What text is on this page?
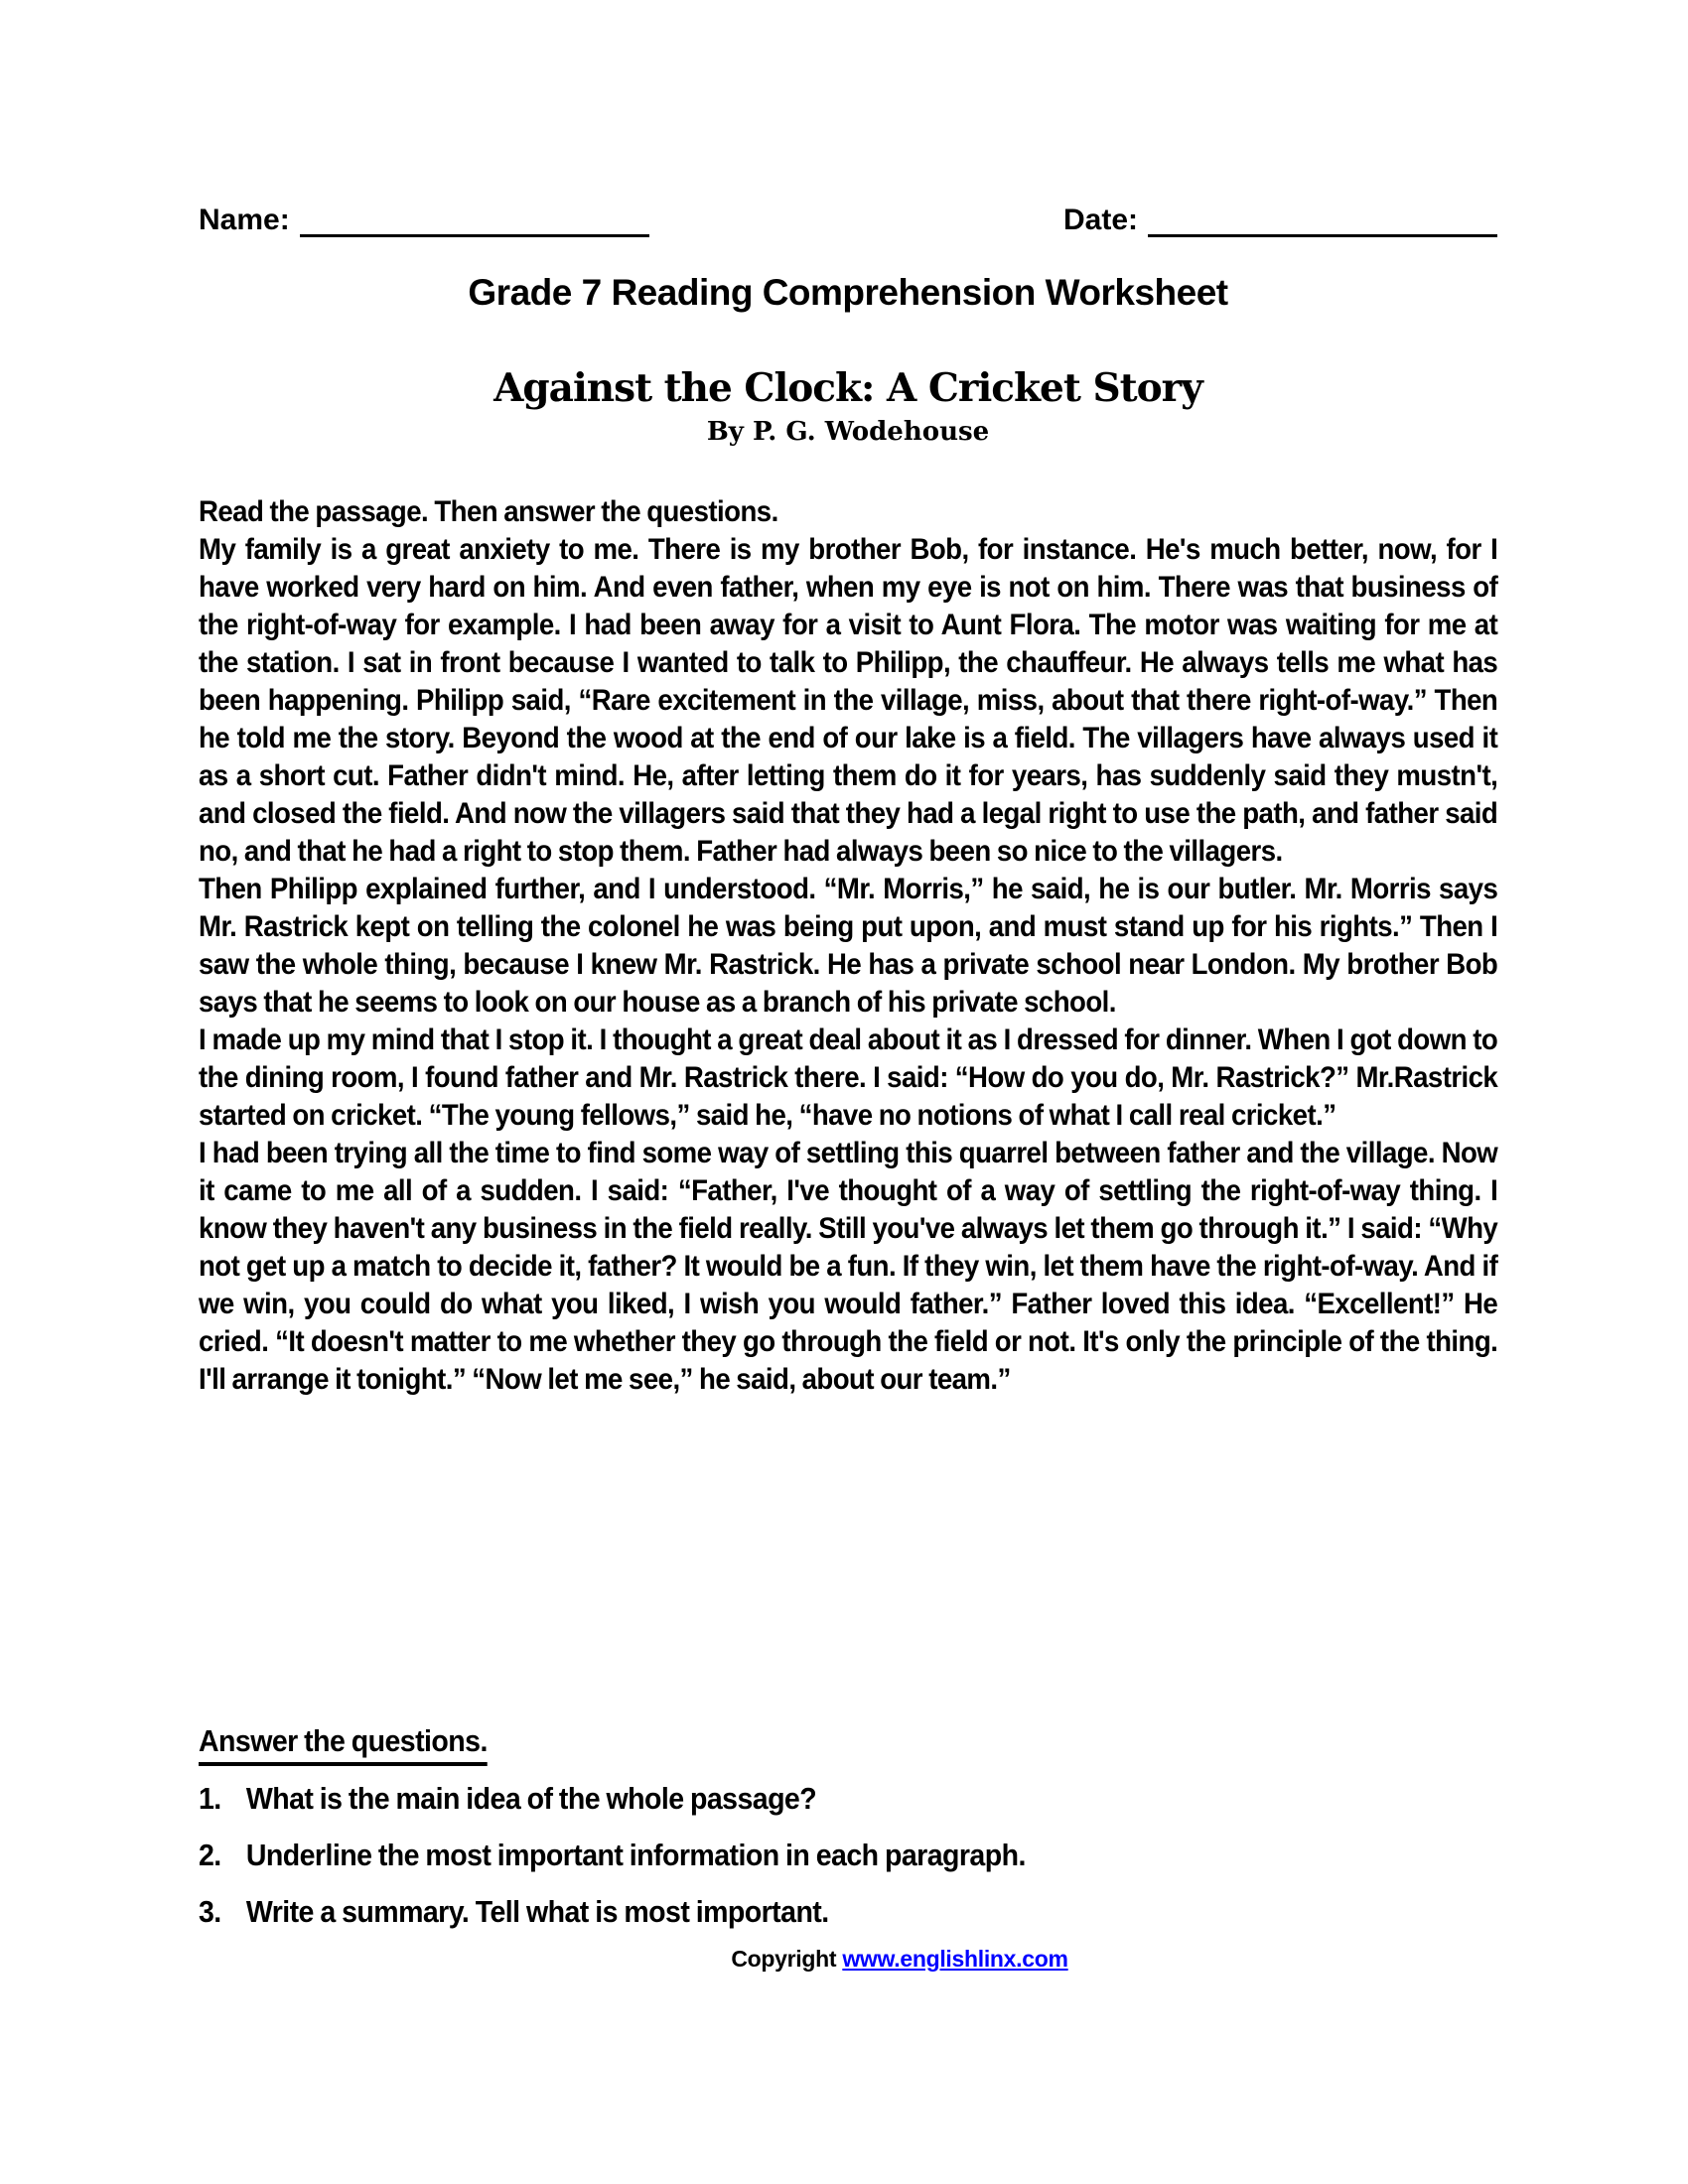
Name:	Date:
Grade 7 Reading Comprehension Worksheet
Against the Clock: A Cricket Story
By P. G. Wodehouse
Read the passage. Then answer the questions.
My family is a great anxiety to me. There is my brother Bob, for instance. He's much better, now, for I have worked very hard on him. And even father, when my eye is not on him. There was that business of the right-of-way for example. I had been away for a visit to Aunt Flora. The motor was waiting for me at the station. I sat in front because I wanted to talk to Philipp, the chauffeur. He always tells me what has been happening. Philipp said, “Rare excitement in the village, miss, about that there right-of-way.” Then he told me the story. Beyond the wood at the end of our lake is a field. The villagers have always used it as a short cut. Father didn't mind. He, after letting them do it for years, has suddenly said they mustn't, and closed the field. And now the villagers said that they had a legal right to use the path, and father said no, and that he had a right to stop them. Father had always been so nice to the villagers.
Then Philipp explained further, and I understood. “Mr. Morris,” he said, he is our butler. Mr. Morris says Mr. Rastrick kept on telling the colonel he was being put upon, and must stand up for his rights.” Then I saw the whole thing, because I knew Mr. Rastrick. He has a private school near London. My brother Bob says that he seems to look on our house as a branch of his private school.
I made up my mind that I stop it. I thought a great deal about it as I dressed for dinner. When I got down to the dining room, I found father and Mr. Rastrick there. I said: “How do you do, Mr. Rastrick?” Mr.Rastrick started on cricket. “The young fellows,” said he, “have no notions of what I call real cricket.”
I had been trying all the time to find some way of settling this quarrel between father and the village. Now it came to me all of a sudden. I said: “Father, I've thought of a way of settling the right-of-way thing. I know they haven't any business in the field really. Still you've always let them go through it.” I said: “Why not get up a match to decide it, father? It would be a fun. If they win, let them have the right-of-way. And if we win, you could do what you liked, I wish you would father.” Father loved this idea. “Excellent!” He cried. “It doesn't matter to me whether they go through the field or not. It's only the principle of the thing. I'll arrange it tonight.” “Now let me see,” he said, about our team.”
Answer the questions.
1. What is the main idea of the whole passage?
2. Underline the most important information in each paragraph.
3. Write a summary. Tell what is most important.
Copyright www.englishlinx.com
